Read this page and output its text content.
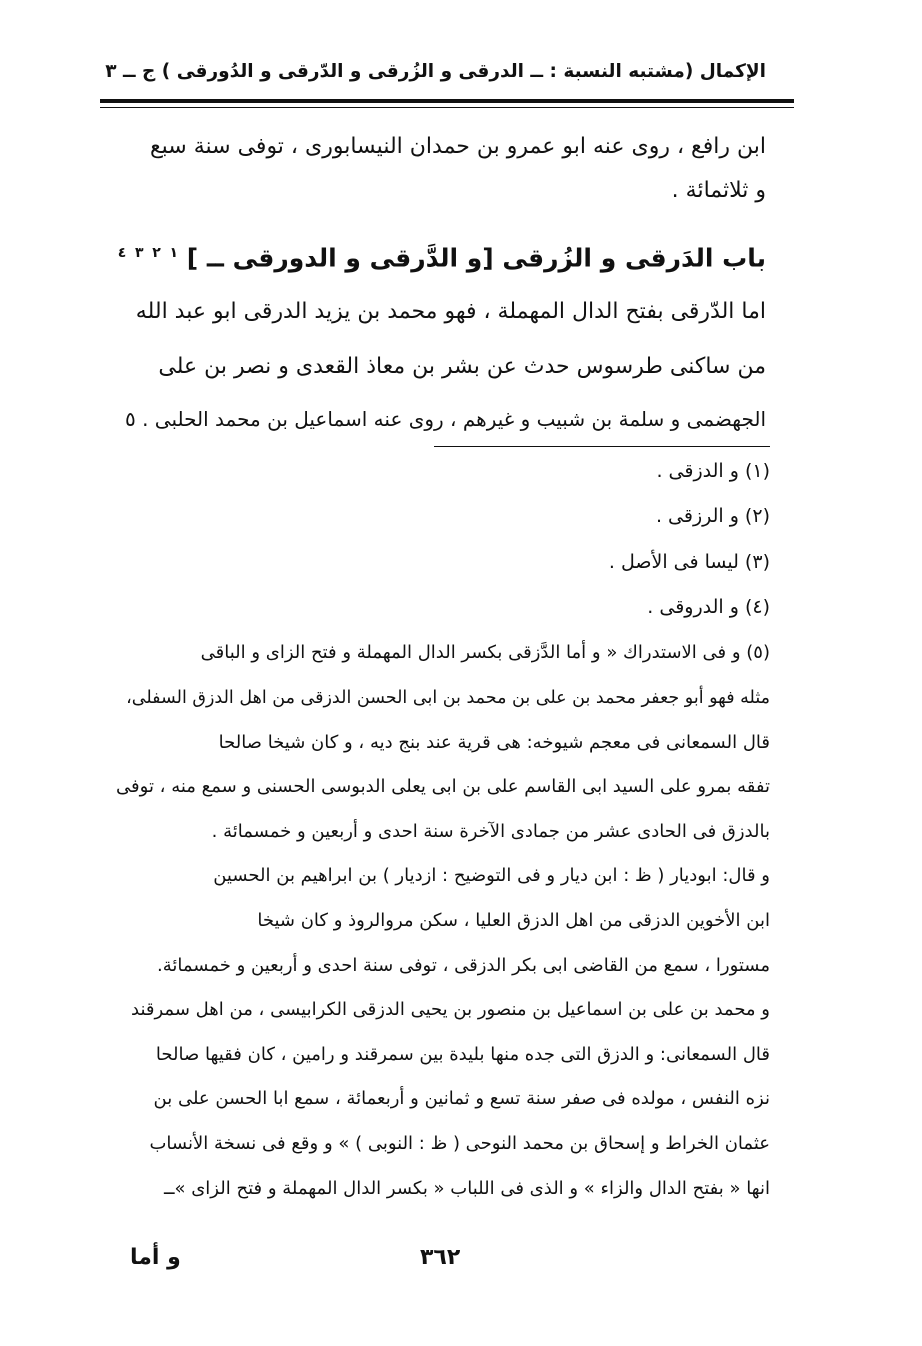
الإكمال (مشتبه النسبة : ــ الدرقى و الزُرقى و الدّرقى و الدُورقى ) ج ــ ٣
ابن رافع ، روى عنه ابو عمرو بن حمدان النيسابورى ، توفى سنة سبع
و ثلاثمائة .
باب الدَرقى و الزُرقى [و الدَّرقى و الدورقى ــ ] $^١$ $^٢$ $^٣$ $^٤$
اما الدّرقى بفتح الدال المهملة ، فهو محمد بن يزيد الدرقى ابو عبد الله
من ساكنى طرسوس حدث عن بشر بن معاذ القعدى و نصر بن على
الجهضمى و سلمة بن شبيب و غيرهم ، روى عنه اسماعيل بن محمد الحلبى . ٥
(١) و الدزقى .
(٢) و الرزقى .
(٣) ليسا فى الأصل .
(٤) و الدروقى .
(٥) و فى الاستدراك « و أما الدَّزقى بكسر الدال المهملة و فتح الزاى و الباقى
مثله فهو أبو جعفر محمد بن على بن محمد بن ابى الحسن الدزقى من اهل الدزق السفلى،
قال السمعانى فى معجم شيوخه: هى قرية عند بنج ديه ، و كان شيخا صالحا
تفقه بمرو على السيد ابى القاسم على بن ابى يعلى الدبوسى الحسنى و سمع منه ، توفى
بالدزق فى الحادى عشر من جمادى الآخرة سنة احدى و أربعين و خمسمائة .
و قال: ابوديار ( ظ : ابن ديار و فى التوضيح : ازديار ) بن ابراهيم بن الحسين
ابن الأخوين الدزقى من اهل الدزق العليا ، سكن مروالروذ و كان شيخا
مستورا ، سمع من القاضى ابى بكر الدزقى ، توفى سنة احدى و أربعين و خمسمائة.
و محمد بن على بن اسماعيل بن منصور بن يحيى الدزقى الكرابيسى ، من اهل سمرقند
قال السمعانى: و الدزق التى جده منها بليدة بين سمرقند و رامين ، كان فقيها صالحا
نزه النفس ، مولده فى صفر سنة تسع و ثمانين و أربعمائة ، سمع ابا الحسن على بن
عثمان الخراط و إسحاق بن محمد النوحى ( ظ : النوبى ) » و وقع فى نسخة الأنساب
انها « بفتح الدال والزاء » و الذى فى اللباب « بكسر الدال المهملة و فتح الزاى »ــ
٣٦٢
و أما
